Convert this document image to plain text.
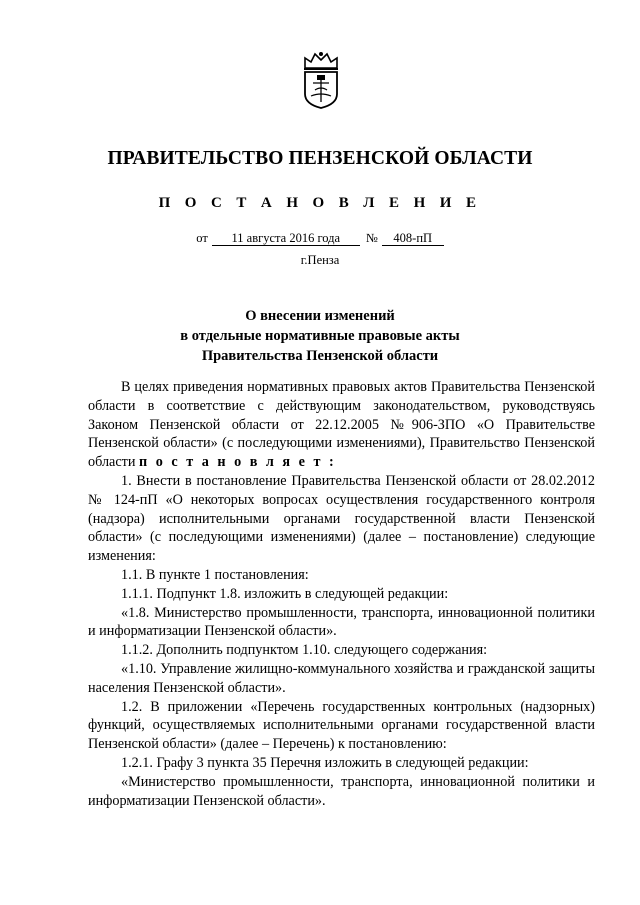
ПРАВИТЕЛЬСТВО ПЕНЗЕНСКОЙ ОБЛАСТИ
П О С Т А Н О В Л Е Н И Е
от 11 августа 2016 года № 408-пП
г.Пенза
О внесении изменений
в отдельные нормативные правовые акты
Правительства Пензенской области

В целях приведения нормативных правовых актов Правительства Пензенской области в соответствие с действующим законодательством, руководствуясь Законом Пензенской области от 22.12.2005 №906-ЗПО «О Правительстве Пензенской области» (с последующими изменениями), Правительство Пензенской области п о с т а н о в л я е т :

1. Внести в постановление Правительства Пензенской области от 28.02.2012 № 124-пП «О некоторых вопросах осуществления государственного контроля (надзора) исполнительными органами государственной власти Пензенской области» (с последующими изменениями) (далее – постановление) следующие изменения:

1.1. В пункте 1 постановления:

1.1.1. Подпункт 1.8. изложить в следующей редакции:

«1.8. Министерство промышленности, транспорта, инновационной политики и информатизации Пензенской области».

1.1.2. Дополнить подпунктом 1.10. следующего содержания:

«1.10. Управление жилищно-коммунального хозяйства и гражданской защиты населения Пензенской области».

1.2. В приложении «Перечень государственных контрольных (надзорных) функций, осуществляемых исполнительными органами государственной власти Пензенской области» (далее – Перечень) к постановлению:

1.2.1. Графу 3 пункта 35 Перечня изложить в следующей редакции:

«Министерство промышленности, транспорта, инновационной политики и информатизации Пензенской области».
